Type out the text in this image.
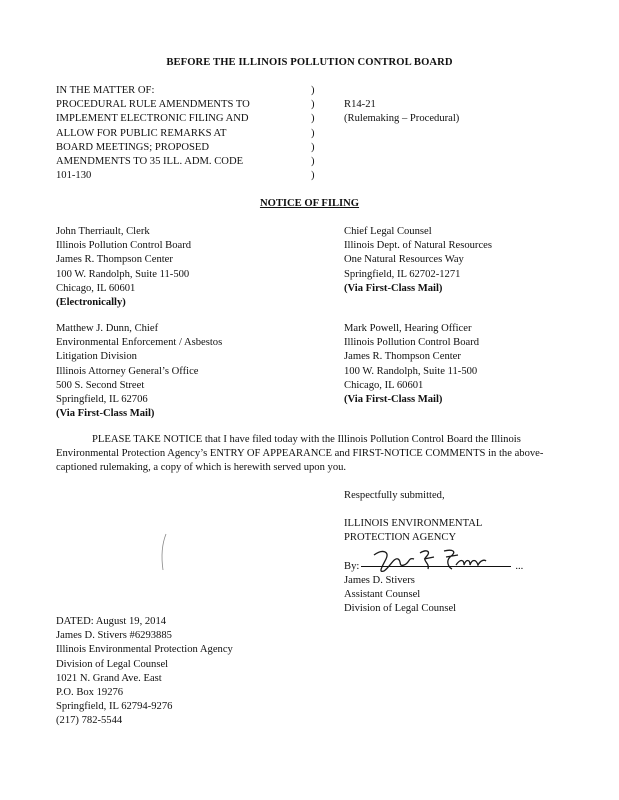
BEFORE THE ILLINOIS POLLUTION CONTROL BOARD
IN THE MATTER OF:
PROCEDURAL RULE AMENDMENTS TO
IMPLEMENT ELECTRONIC FILING AND
ALLOW FOR PUBLIC REMARKS AT
BOARD MEETINGS; PROPOSED
AMENDMENTS TO 35 ILL. ADM. CODE
101-130
)
)
)
)
)
)
)
R14-21
(Rulemaking – Procedural)
NOTICE OF FILING
John Therriault, Clerk
Illinois Pollution Control Board
James R. Thompson Center
100 W. Randolph, Suite 11-500
Chicago, IL 60601
(Electronically)
Chief Legal Counsel
Illinois Dept. of Natural Resources
One Natural Resources Way
Springfield, IL 62702-1271
(Via First-Class Mail)
Matthew J. Dunn, Chief
Environmental Enforcement / Asbestos
Litigation Division
Illinois Attorney General’s Office
500 S. Second Street
Springfield, IL 62706
(Via First-Class Mail)
Mark Powell, Hearing Officer
Illinois Pollution Control Board
James R. Thompson Center
100 W. Randolph, Suite 11-500
Chicago, IL 60601
(Via First-Class Mail)

PLEASE TAKE NOTICE that I have filed today with the Illinois Pollution Control Board the Illinois Environmental Protection Agency’s ENTRY OF APPEARANCE and FIRST-NOTICE COMMENTS in the above-captioned rulemaking, a copy of which is herewith served upon you.

Respectfully submitted,
ILLINOIS ENVIRONMENTAL
PROTECTION AGENCY
By:	...
James D. Stivers
Assistant Counsel
Division of Legal Counsel
DATED: August 19, 2014
James D. Stivers #6293885
Illinois Environmental Protection Agency
Division of Legal Counsel
1021 N. Grand Ave. East
P.O. Box 19276
Springfield, IL 62794-9276
(217) 782-5544
